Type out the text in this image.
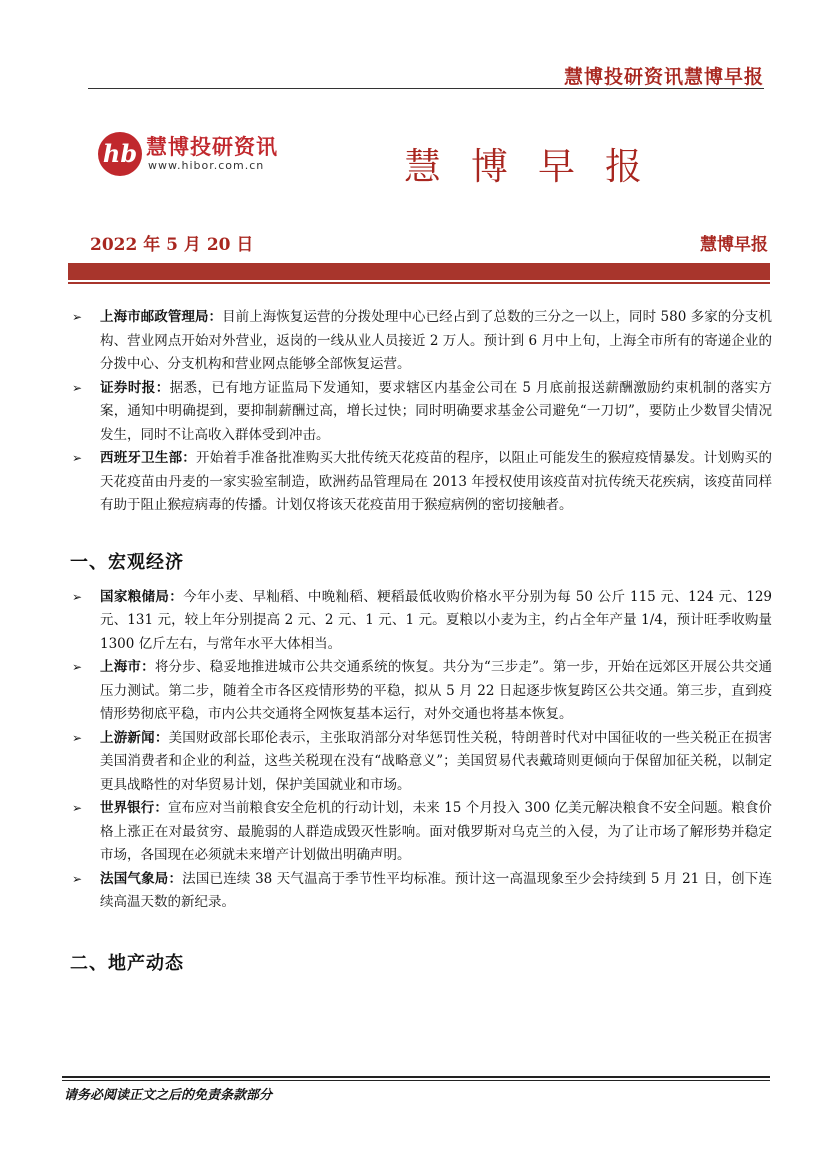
慧博投研资讯慧博早报
hb 慧博投研资讯
www.hibor.com.cn	慧博早报
2022 年 5 月 20 日	慧博早报
➢ 上海市邮政管理局：目前上海恢复运营的分拨处理中心已经占到了总数的三分之一以上，同时 580 多家的分支机构、营业网点开始对外营业，返岗的一线从业人员接近 2 万人。预计到 6 月中上旬，上海全市所有的寄递企业的分拨中心、分支机构和营业网点能够全部恢复运营。
➢ 证券时报：据悉，已有地方证监局下发通知，要求辖区内基金公司在 5 月底前报送薪酬激励约束机制的落实方案，通知中明确提到，要抑制薪酬过高，增长过快；同时明确要求基金公司避免“一刀切”，要防止少数冒尖情况发生，同时不让高收入群体受到冲击。
➢ 西班牙卫生部：开始着手准备批准购买大批传统天花疫苗的程序，以阻止可能发生的猴痘疫情暴发。计划购买的天花疫苗由丹麦的一家实验室制造，欧洲药品管理局在 2013 年授权使用该疫苗对抗传统天花疾病，该疫苗同样有助于阻止猴痘病毒的传播。计划仅将该天花疫苗用于猴痘病例的密切接触者。
一、宏观经济
➢ 国家粮储局：今年小麦、早籼稻、中晚籼稻、粳稻最低收购价格水平分别为每 50 公斤 115 元、124 元、129 元、131 元，较上年分别提高 2 元、2 元、1 元、1 元。夏粮以小麦为主，约占全年产量 1/4，预计旺季收购量 1300 亿斤左右，与常年水平大体相当。
➢ 上海市：将分步、稳妥地推进城市公共交通系统的恢复。共分为“三步走”。第一步，开始在远郊区开展公共交通压力测试。第二步，随着全市各区疫情形势的平稳，拟从 5 月 22 日起逐步恢复跨区公共交通。第三步，直到疫情形势彻底平稳，市内公共交通将全网恢复基本运行，对外交通也将基本恢复。
➢ 上游新闻：美国财政部长耶伦表示，主张取消部分对华惩罚性关税，特朗普时代对中国征收的一些关税正在损害美国消费者和企业的利益，这些关税现在没有“战略意义”；美国贸易代表戴琦则更倾向于保留加征关税，以制定更具战略性的对华贸易计划，保护美国就业和市场。
➢ 世界银行：宣布应对当前粮食安全危机的行动计划，未来 15 个月投入 300 亿美元解决粮食不安全问题。粮食价格上涨正在对最贫穷、最脆弱的人群造成毁灭性影响。面对俄罗斯对乌克兰的入侵，为了让市场了解形势并稳定市场，各国现在必须就未来增产计划做出明确声明。
➢ 法国气象局：法国已连续 38 天气温高于季节性平均标准。预计这一高温现象至少会持续到 5 月 21 日，创下连续高温天数的新纪录。
二、地产动态
请务必阅读正文之后的免责条款部分
